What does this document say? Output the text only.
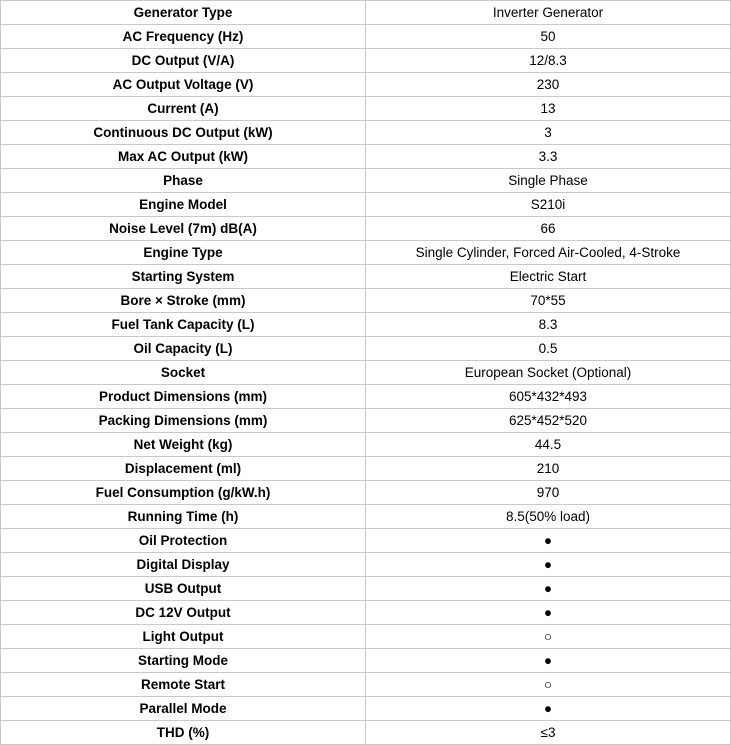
Generator Type	Inverter Generator
AC Frequency (Hz)	50
DC Output (V/A)	12/8.3
AC Output Voltage (V)	230
Current (A)	13
Continuous DC Output (kW)	3
Max AC Output (kW)	3.3
Phase	Single Phase
Engine Model	S210i
Noise Level (7m) dB(A)	66
Engine Type	Single Cylinder, Forced Air-Cooled, 4-Stroke
Starting System	Electric Start
Bore × Stroke (mm)	70*55
Fuel Tank Capacity (L)	8.3
Oil Capacity (L)	0.5
Socket	European Socket (Optional)
Product Dimensions (mm)	605*432*493
Packing Dimensions (mm)	625*452*520
Net Weight (kg)	44.5
Displacement (ml)	210
Fuel Consumption (g/kW.h)	970
Running Time (h)	8.5(50% load)
Oil Protection	●
Digital Display	●
USB Output	●
DC 12V Output	●
Light Output	○
Starting Mode	●
Remote Start	○
Parallel Mode	●
THD (%)	≤3
